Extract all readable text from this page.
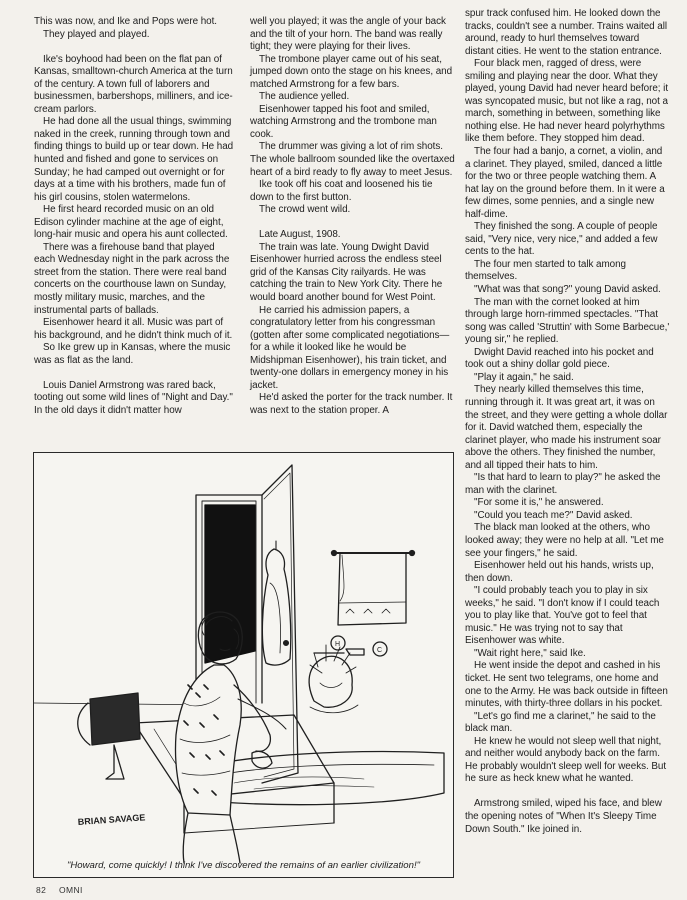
This was now, and Ike and Pops were hot.

They played and played.

Ike's boyhood had been on the flat pan of Kansas, smalltown-church America at the turn of the century. A town full of laborers and businessmen, barbershops, milliners, and ice-cream parlors.

He had done all the usual things, swimming naked in the creek, running through town and finding things to build up or tear down. He had hunted and fished and gone to services on Sunday; he had camped out overnight or for days at a time with his brothers, made fun of his girl cousins, stolen watermelons.

He first heard recorded music on an old Edison cylinder machine at the age of eight, long-hair music and opera his aunt collected.

There was a firehouse band that played each Wednesday night in the park across the street from the station. There were real band concerts on the courthouse lawn on Sunday, mostly military music, marches, and the instrumental parts of ballads.

Eisenhower heard it all. Music was part of his background, and he didn't think much of it.

So Ike grew up in Kansas, where the music was as flat as the land.

Louis Daniel Armstrong was rared back, tooting out some wild lines of "Night and Day." In the old days it didn't matter how

well you played; it was the angle of your back and the tilt of your horn. The band was really tight; they were playing for their lives.

The trombone player came out of his seat, jumped down onto the stage on his knees, and matched Armstrong for a few bars.

The audience yelled.

Eisenhower tapped his foot and smiled, watching Armstrong and the trombone man cook.

The drummer was giving a lot of rim shots. The whole ballroom sounded like the overtaxed heart of a bird ready to fly away to meet Jesus.

Ike took off his coat and loosened his tie down to the first button.

The crowd went wild.

Late August, 1908.

The train was late. Young Dwight David Eisenhower hurried across the endless steel grid of the Kansas City railyards. He was catching the train to New York City. There he would board another bound for West Point.

He carried his admission papers, a congratulatory letter from his congressman (gotten after some complicated negotiations—for a while it looked like he would be Midshipman Eisenhower), his train ticket, and twenty-one dollars in emergency money in his jacket.

He'd asked the porter for the track number. It was next to the station proper. A

spur track confused him. He looked down the tracks, couldn't see a number. Trains waited all around, ready to hurl themselves toward distant cities. He went to the station entrance.

Four black men, ragged of dress, were smiling and playing near the door. What they played, young David had never heard before; it was syncopated music, but not like a rag, not a march, something in between, something like nothing else. He had never heard polyrhythms like them before. They stopped him dead.

The four had a banjo, a cornet, a violin, and a clarinet. They played, smiled, danced a little for the two or three people watching them. A hat lay on the ground before them. In it were a few dimes, some pennies, and a single new half-dime.

They finished the song. A couple of people said, "Very nice, very nice," and added a few cents to the hat.

The four men started to talk among themselves.

"What was that song?" young David asked.

The man with the cornet looked at him through large horn-rimmed spectacles. "That song was called 'Struttin' with Some Barbecue,' young sir," he replied.

Dwight David reached into his pocket and took out a shiny dollar gold piece.

"Play it again," he said.

They nearly killed themselves this time, running through it. It was great art, it was on the street, and they were getting a whole dollar for it. David watched them, especially the clarinet player, who made his instrument soar above the others. They finished the number, and all tipped their hats to him.

"Is that hard to learn to play?" he asked the man with the clarinet.

"For some it is," he answered.

"Could you teach me?" David asked.

The black man looked at the others, who looked away; they were no help at all. "Let me see your fingers," he said.

Eisenhower held out his hands, wrists up, then down.

"I could probably teach you to play in six weeks," he said. "I don't know if I could teach you to play like that. You've got to feel that music." He was trying not to say that Eisenhower was white.

"Wait right here," said Ike.

He went inside the depot and cashed in his ticket. He sent two telegrams, one home and one to the Army. He was back outside in fifteen minutes, with thirty-three dollars in his pocket.

"Let's go find me a clarinet," he said to the black man.

He knew he would not sleep well that night, and neither would anybody back on the farm. He probably wouldn't sleep well for weeks. But he sure as heck knew what he wanted.

Armstrong smiled, wiped his face, and blew the opening notes of "When It's Sleepy Time Down South." Ike joined in.

BRIAN SAVAGE
H
C
"Howard, come quickly! I think I've discovered the remains of an earlier civilization!"
82 OMNI
